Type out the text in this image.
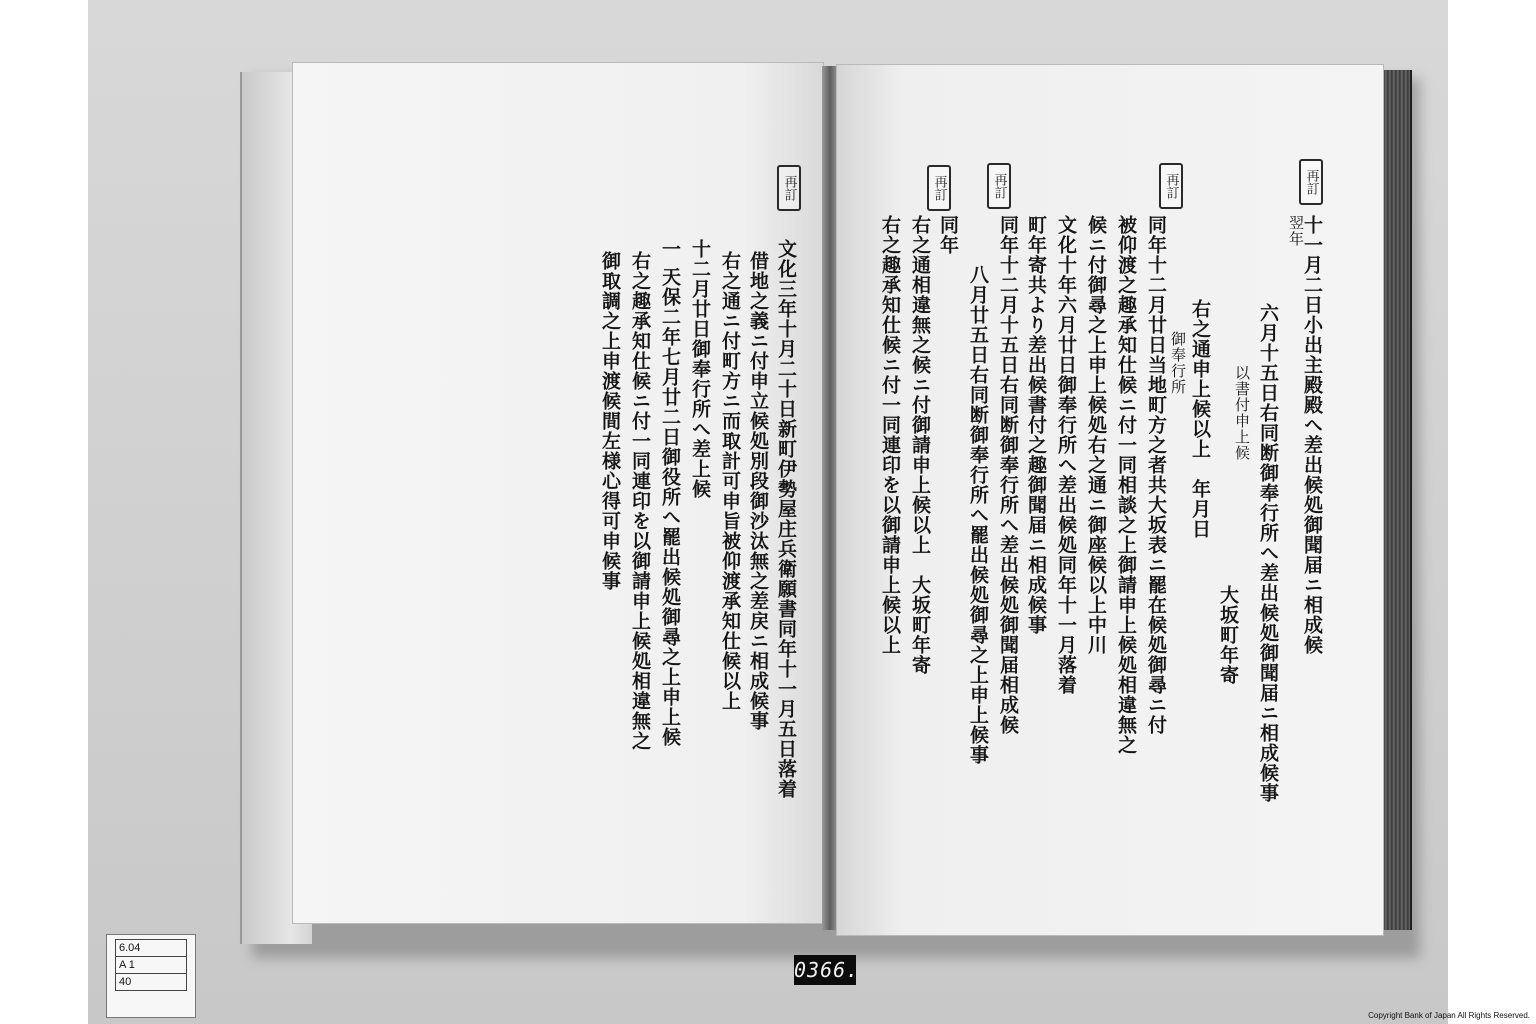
再訂
文化三年十月二十日新町伊勢屋庄兵衛願書同年十一月五日落着
借地之義ニ付申立候処別段御沙汰無之差戻ニ相成候事
右之通ニ付町方ニ而取計可申旨被仰渡承知仕候以上
十二月廿日御奉行所へ差上候
一 天保二年七月廿二日御役所へ罷出候処御尋之上申上候
右之趣承知仕候ニ付一同連印を以御請申上候処相違無之
御取調之上申渡候間左様心得可申候事
再訂
再訂
再訂
再訂
十一月二日小出主殿殿へ差出候処御聞届ニ相成候
翌年
六月十五日右同断御奉行所へ差出候処御聞届ニ相成候事
以書付申上候
大坂町年寄
右之通申上候以上　年月日
御奉行所
同年十二月廿日当地町方之者共大坂表ニ罷在候処御尋ニ付
被仰渡之趣承知仕候ニ付一同相談之上御請申上候処相違無之
候ニ付御尋之上申上候処右之通ニ御座候以上中川
文化十年六月廿日御奉行所へ差出候処同年十一月落着
町年寄共より差出候書付之趣御聞届ニ相成候事
同年十二月十五日右同断御奉行所へ差出候処御聞届相成候
八月廿五日右同断御奉行所へ罷出候処御尋之上申上候事
同年
右之通相違無之候ニ付御請申上候以上　大坂町年寄
右之趣承知仕候ニ付一同連印を以御請申上候以上
6.04
A 1
40	0366.
Copyright Bank of Japan All Rights Reserved.
